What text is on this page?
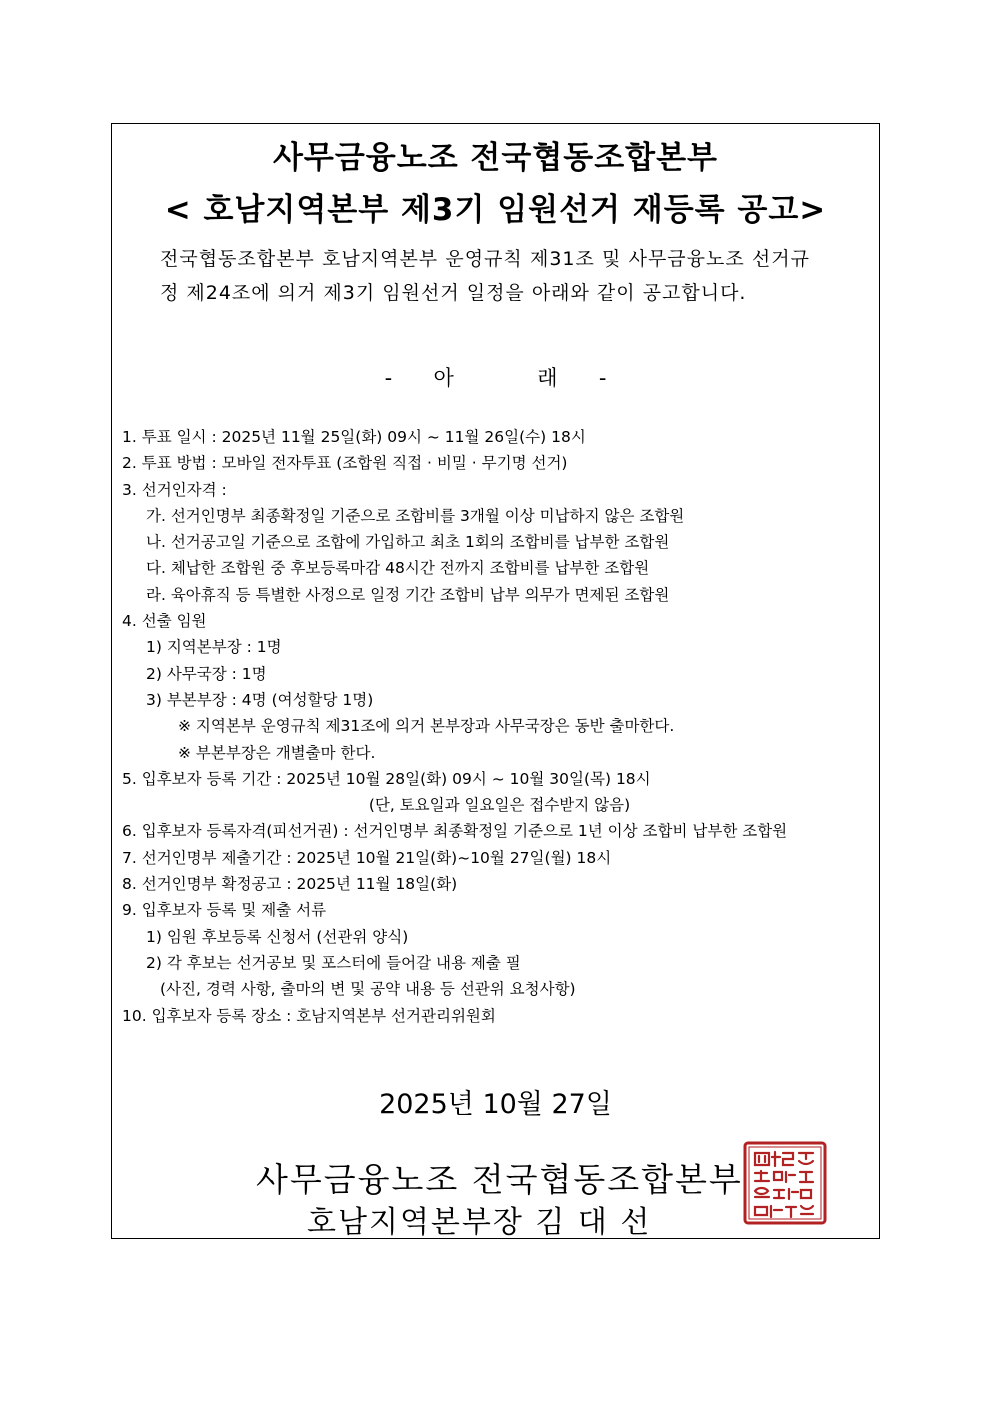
사무금융노조 전국협동조합본부
< 호남지역본부 제3기 임원선거 재등록 공고>
전국협동조합본부 호남지역본부 운영규칙 제31조 및 사무금융노조 선거규정 제24조에 의거 제3기 임원선거 일정을 아래와 같이 공고합니다.
- 아	래 -
1. 투표 일시 : 2025년 11월 25일(화) 09시 ~ 11월 26일(수) 18시
2. 투표 방법 : 모바일 전자투표 (조합원 직접 · 비밀 · 무기명 선거)
3. 선거인자격 :
가. 선거인명부 최종확정일 기준으로 조합비를 3개월 이상 미납하지 않은 조합원
나. 선거공고일 기준으로 조합에 가입하고 최초 1회의 조합비를 납부한 조합원
다. 체납한 조합원 중 후보등록마감 48시간 전까지 조합비를 납부한 조합원
라. 육아휴직 등 특별한 사정으로 일정 기간 조합비 납부 의무가 면제된 조합원
4. 선출 임원
1) 지역본부장 : 1명
2) 사무국장 : 1명
3) 부본부장 : 4명 (여성할당 1명)
※ 지역본부 운영규칙 제31조에 의거 본부장과 사무국장은 동반 출마한다.
※ 부본부장은 개별출마 한다.
5. 입후보자 등록 기간 : 2025년 10월 28일(화) 09시 ~ 10월 30일(목) 18시
(단, 토요일과 일요일은 접수받지 않음)
6. 입후보자 등록자격(피선거권) : 선거인명부 최종확정일 기준으로 1년 이상 조합비 납부한 조합원
7. 선거인명부 제출기간 : 2025년 10월 21일(화)~10월 27일(월) 18시
8. 선거인명부 확정공고 : 2025년 11월 18일(화)
9. 입후보자 등록 및 제출 서류
1) 임원 후보등록 신청서 (선관위 양식)
2) 각 후보는 선거공보 및 포스터에 들어갈 내용 제출 필
(사진, 경력 사항, 출마의 변 및 공약 내용 등 선관위 요청사항)
10. 입후보자 등록 장소 : 호남지역본부 선거관리위원회
2025년 10월 27일
사무금융노조 전국협동조합본부
호남지역본부장 김 대 선
